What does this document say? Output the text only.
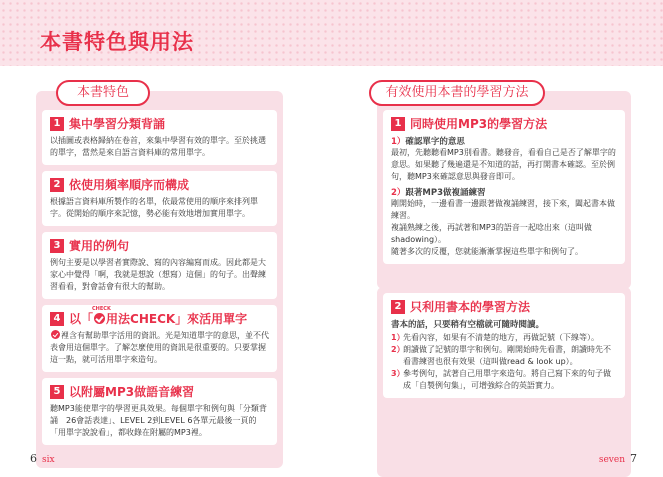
本書特色與用法
本書特色
1 集中學習分類背誦
以插圖或表格歸納在卷首，來集中學習有效的單字。至於挑選的單字，當然是來自語言資料庫的常用單字。
2 依使用頻率順序而構成
根據語言資料庫所製作的名單，依最常使用的順序來排列單字。從開始的順序來記憶，勢必能有效地增加實用單字。
3 實用的例句
例句主要是以學習者實際說、寫的內容編寫而成。因此都是大家心中覺得「啊，我就是想說（想寫）這個」的句子。出聲練習看看，對會話會有很大的幫助。
4 以「
CHECK
用法CHECK」來活用單字
裡含有幫助單字活用的資訊。光是知道單字的意思，並不代表會用這個單字。了解怎麼使用的資訊是很重要的。只要掌握這一點，就可活用單字來造句。
5 以附屬MP3做語音練習
聽MP3能使單字的學習更具效果。每個單字和例句與「分類背誦　26會話表達」、LEVEL 2到LEVEL 6各單元最後一頁的「用單字說說看」，都收錄在附屬的MP3裡。
有效使用本書的學習方法
1 同時使用MP3的學習方法
1）確認單字的意思
最初，先聽聽看MP3別看書。聽發音，看看自己是否了解單字的意思。如果聽了幾遍還是不知道的話，再打開書本確認。至於例句，聽MP3來確認意思與發音即可。
2）跟著MP3做複誦練習
剛開始時，一邊看書一邊跟著做複誦練習，接下來，闔起書本做練習。
複誦熟練之後，再試著和MP3的語音一起唸出來（這叫做shadowing）。
隨著多次的反覆，您就能漸漸掌握這些單字和例句了。
2 只利用書本的學習方法
書本的話，只要稍有空檔就可隨時閱讀。
1）
先看內容，如果有不清楚的地方，再做記號（下線等）。
2）
朗讀做了記號的單字和例句。剛開始時先看書，朗讀時先不看書練習也很有效果（這叫做read & look up）。
3）
參考例句，試著自己用單字來造句。將自己寫下來的句子做成「自製例句集」，可增強綜合的英語實力。
6 six	seven 7
